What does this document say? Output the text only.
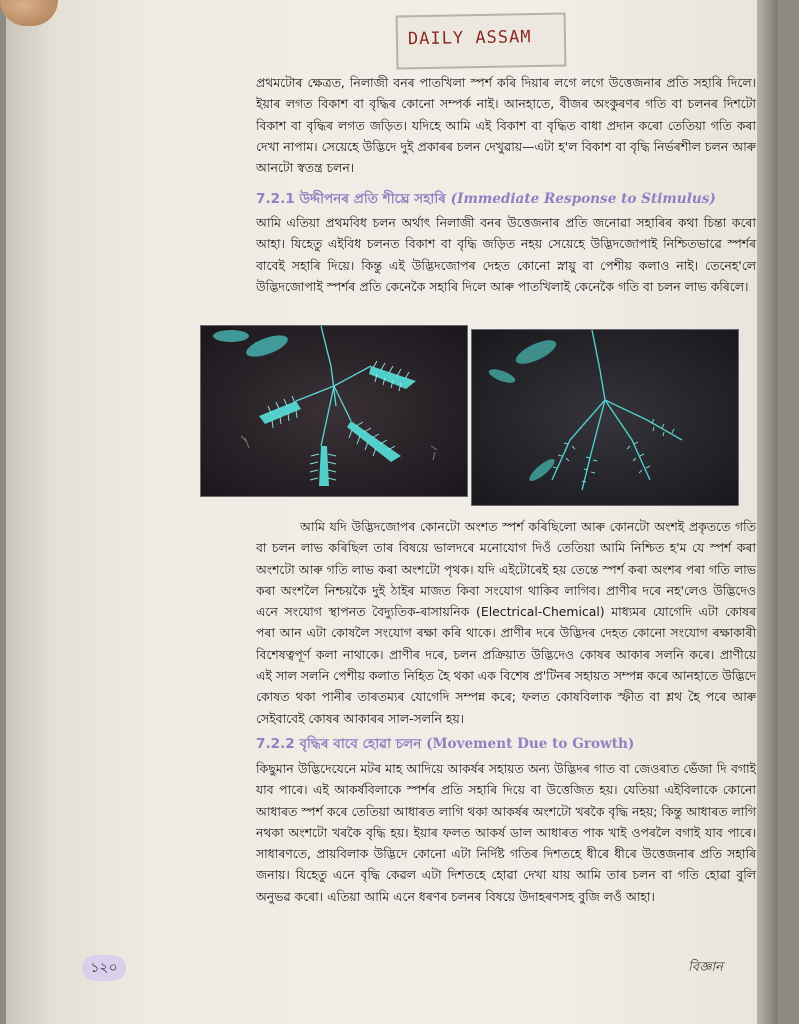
DAILY ASSAM

প্ৰথমটোৰ ক্ষেত্ৰত, নিলাজী বনৰ পাতখিলা স্পৰ্শ কৰি দিয়াৰ লগে লগে উত্তেজনাৰ প্ৰতি সহাৰি দিলে। ইয়াৰ লগত বিকাশ বা বৃদ্ধিৰ কোনো সম্পৰ্ক নাই। আনহাতে, বীজৰ অংকুৰণৰ গতি বা চলনৰ দিশটো বিকাশ বা বৃদ্ধিৰ লগত জড়িত। যদিহে আমি এই বিকাশ বা বৃদ্ধিত বাধা প্ৰদান কৰো তেতিয়া গতি কৰা দেখা নাপাম। সেয়েহে উদ্ভিদে দুই প্ৰকাৰৰ চলন দেখুৱায়—এটা হ'ল বিকাশ বা বৃদ্ধি নিৰ্ভৰশীল চলন আৰু আনটো স্বতন্ত্ৰ চলন।

7.2.1 উদ্দীপনৰ প্ৰতি শীঘ্ৰে সহাৰি (Immediate Response to Stimulus)

আমি এতিয়া প্ৰথমবিধ চলন অৰ্থাৎ নিলাজী বনৰ উত্তেজনাৰ প্ৰতি জনোৱা সহাৰিৰ কথা চিন্তা কৰো আহা। যিহেতু এইবিধ চলনত বিকাশ বা বৃদ্ধি জড়িত নহয় সেয়েহে উদ্ভিদজোপাই নিশ্চিতভাৱে স্পৰ্শৰ বাবেই সহাৰি দিয়ে। কিন্তু এই উদ্ভিদজোপৰ দেহত কোনো স্নায়ু বা পেশীয় কলাও নাই। তেনেহ'লে উদ্ভিদজোপাই স্পৰ্শৰ প্ৰতি কেনেকৈ সহাৰি দিলে আৰু পাতখিলাই কেনেকৈ গতি বা চলন লাভ কৰিলে।

আমি যদি উদ্ভিদজোপৰ কোনটো অংশত স্পৰ্শ কৰিছিলো আৰু কোনটো অংশই প্ৰকৃততে গতি বা চলন লাভ কৰিছিল তাৰ বিষয়ে ভালদৰে মনোযোগ দিওঁ তেতিয়া আমি নিশ্চিত হ'ম যে স্পৰ্শ কৰা অংশটো আৰু গতি লাভ কৰা অংশটো পৃথক। যদি এইটোৰেই হয় তেন্তে স্পৰ্শ কৰা অংশৰ পৰা গতি লাভ কৰা অংশলৈ নিশ্চয়কৈ দুই ঠাইৰ মাজত কিবা সংযোগ থাকিব লাগিব। প্ৰাণীৰ দৰে নহ'লেও উদ্ভিদেও এনে সংযোগ স্থাপনত বৈদ্যুতিক-ৰাসায়নিক (Electrical-Chemical) মাধ্যমৰ যোগেদি এটা কোষৰ পৰা আন এটা কোষলৈ সংযোগ ৰক্ষা কৰি থাকে। প্ৰাণীৰ দৰে উদ্ভিদৰ দেহত কোনো সংযোগ ৰক্ষাকাৰী বিশেষত্বপূৰ্ণ কলা নাথাকে। প্ৰাণীৰ দৰে, চলন প্ৰক্ৰিয়াত উদ্ভিদেও কোষৰ আকাৰ সলনি কৰে। প্ৰাণীয়ে এই সাল সলনি পেশীয় কলাত নিহিত হৈ থকা এক বিশেষ প্ৰ'টিনৰ সহায়ত সম্পন্ন কৰে আনহাতে উদ্ভিদে কোষত থকা পানীৰ তাৰতম্যৰ যোগেদি সম্পন্ন কৰে; ফলত কোষবিলাক স্ফীত বা শ্লথ হৈ পৰে আৰু সেইবাবেই কোষৰ আকাৰৰ সাল-সলনি হয়।

7.2.2 বৃদ্ধিৰ বাবে হোৱা চলন (Movement Due to Growth)

কিছুমান উদ্ভিদেযেনে মটৰ মাহ আদিয়ে আকৰ্ষৰ সহায়ত অন্য উদ্ভিদৰ গাত বা জেওৰাত ভেঁজা দি বগাই যাব পাৰে। এই আকৰ্ষবিলাকে স্পৰ্শৰ প্ৰতি সহাৰি দিয়ে বা উত্তেজিত হয়। যেতিয়া এইবিলাকে কোনো আধাৰত স্পৰ্শ কৰে তেতিয়া আধাৰত লাগি থকা আকৰ্ষৰ অংশটো খৰকৈ বৃদ্ধি নহয়; কিন্তু আধাৰত লাগি নথকা অংশটো খৰকৈ বৃদ্ধি হয়। ইয়াৰ ফলত আকৰ্ষ ডাল আধাৰত পাক খাই ওপৰলৈ বগাই যাব পাৰে। সাধাৰণতে, প্ৰায়বিলাক উদ্ভিদে কোনো এটা নিৰ্দিষ্ট গতিৰ দিশতহে ধীৰে ধীৰে উত্তেজনাৰ প্ৰতি সহাৰি জনায়। যিহেতু এনে বৃদ্ধি কেৱল এটা দিশতহে হোৱা দেখা যায় আমি তাৰ চলন বা গতি হোৱা বুলি অনুভৱ কৰো। এতিয়া আমি এনে ধৰণৰ চলনৰ বিষয়ে উদাহৰণসহ বুজি লওঁ আহা।

১২০	বিজ্ঞান
